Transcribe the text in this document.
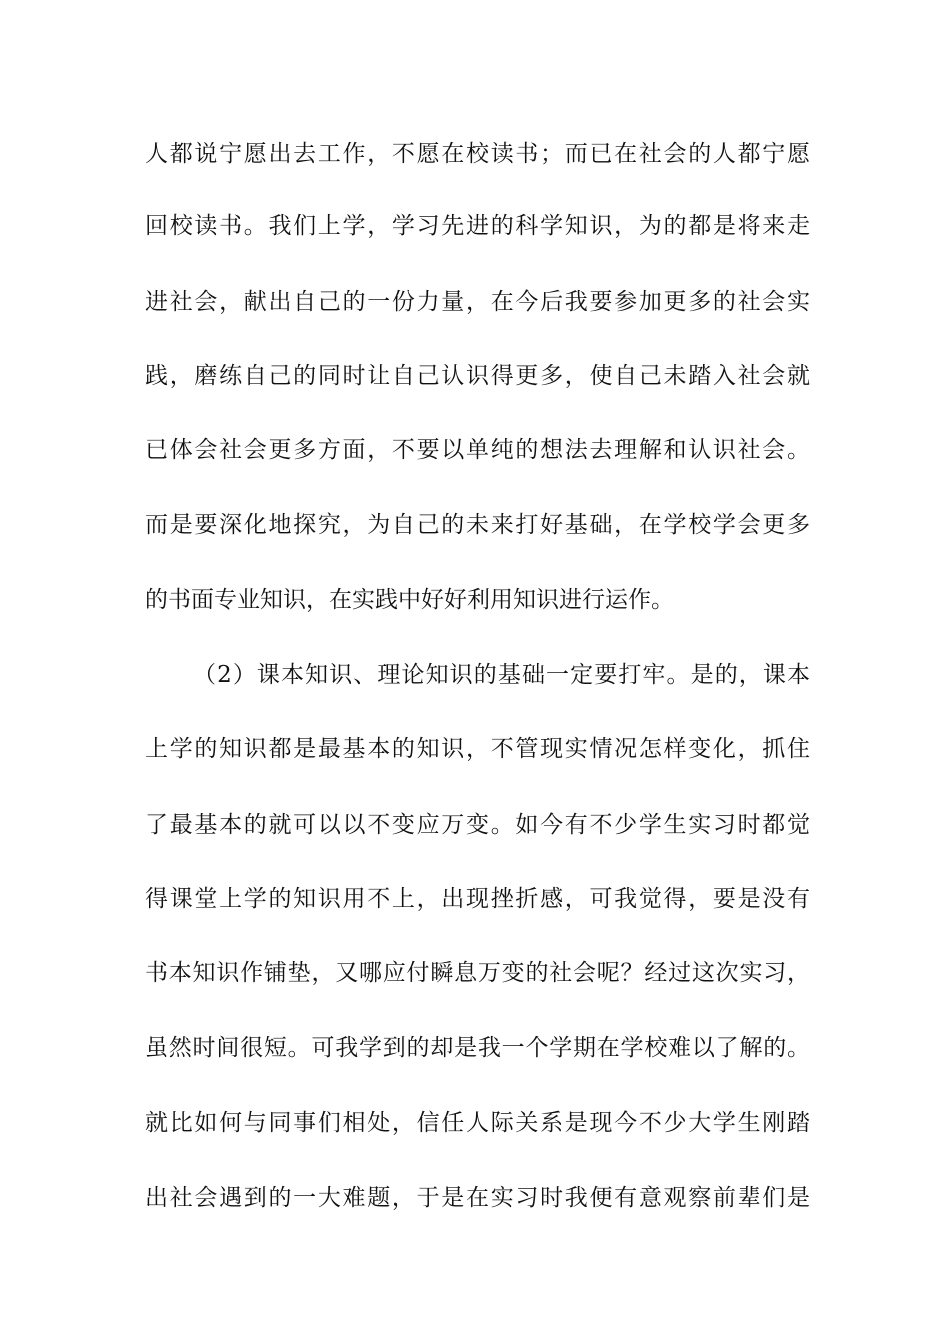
人都说宁愿出去工作，不愿在校读书；而已在社会的人都宁愿
回校读书。我们上学，学习先进的科学知识，为的都是将来走
进社会，献出自己的一份力量，在今后我要参加更多的社会实
践，磨练自己的同时让自己认识得更多，使自己未踏入社会就
已体会社会更多方面，不要以单纯的想法去理解和认识社会。
而是要深化地探究，为自己的未来打好基础，在学校学会更多
的书面专业知识，在实践中好好利用知识进行运作。
（2）课本知识、理论知识的基础一定要打牢。是的，课本
上学的知识都是最基本的知识，不管现实情况怎样变化，抓住
了最基本的就可以以不变应万变。如今有不少学生实习时都觉
得课堂上学的知识用不上，出现挫折感，可我觉得，要是没有
书本知识作铺垫，又哪应付瞬息万变的社会呢？经过这次实习，
虽然时间很短。可我学到的却是我一个学期在学校难以了解的。
就比如何与同事们相处，信任人际关系是现今不少大学生刚踏
出社会遇到的一大难题，于是在实习时我便有意观察前辈们是
